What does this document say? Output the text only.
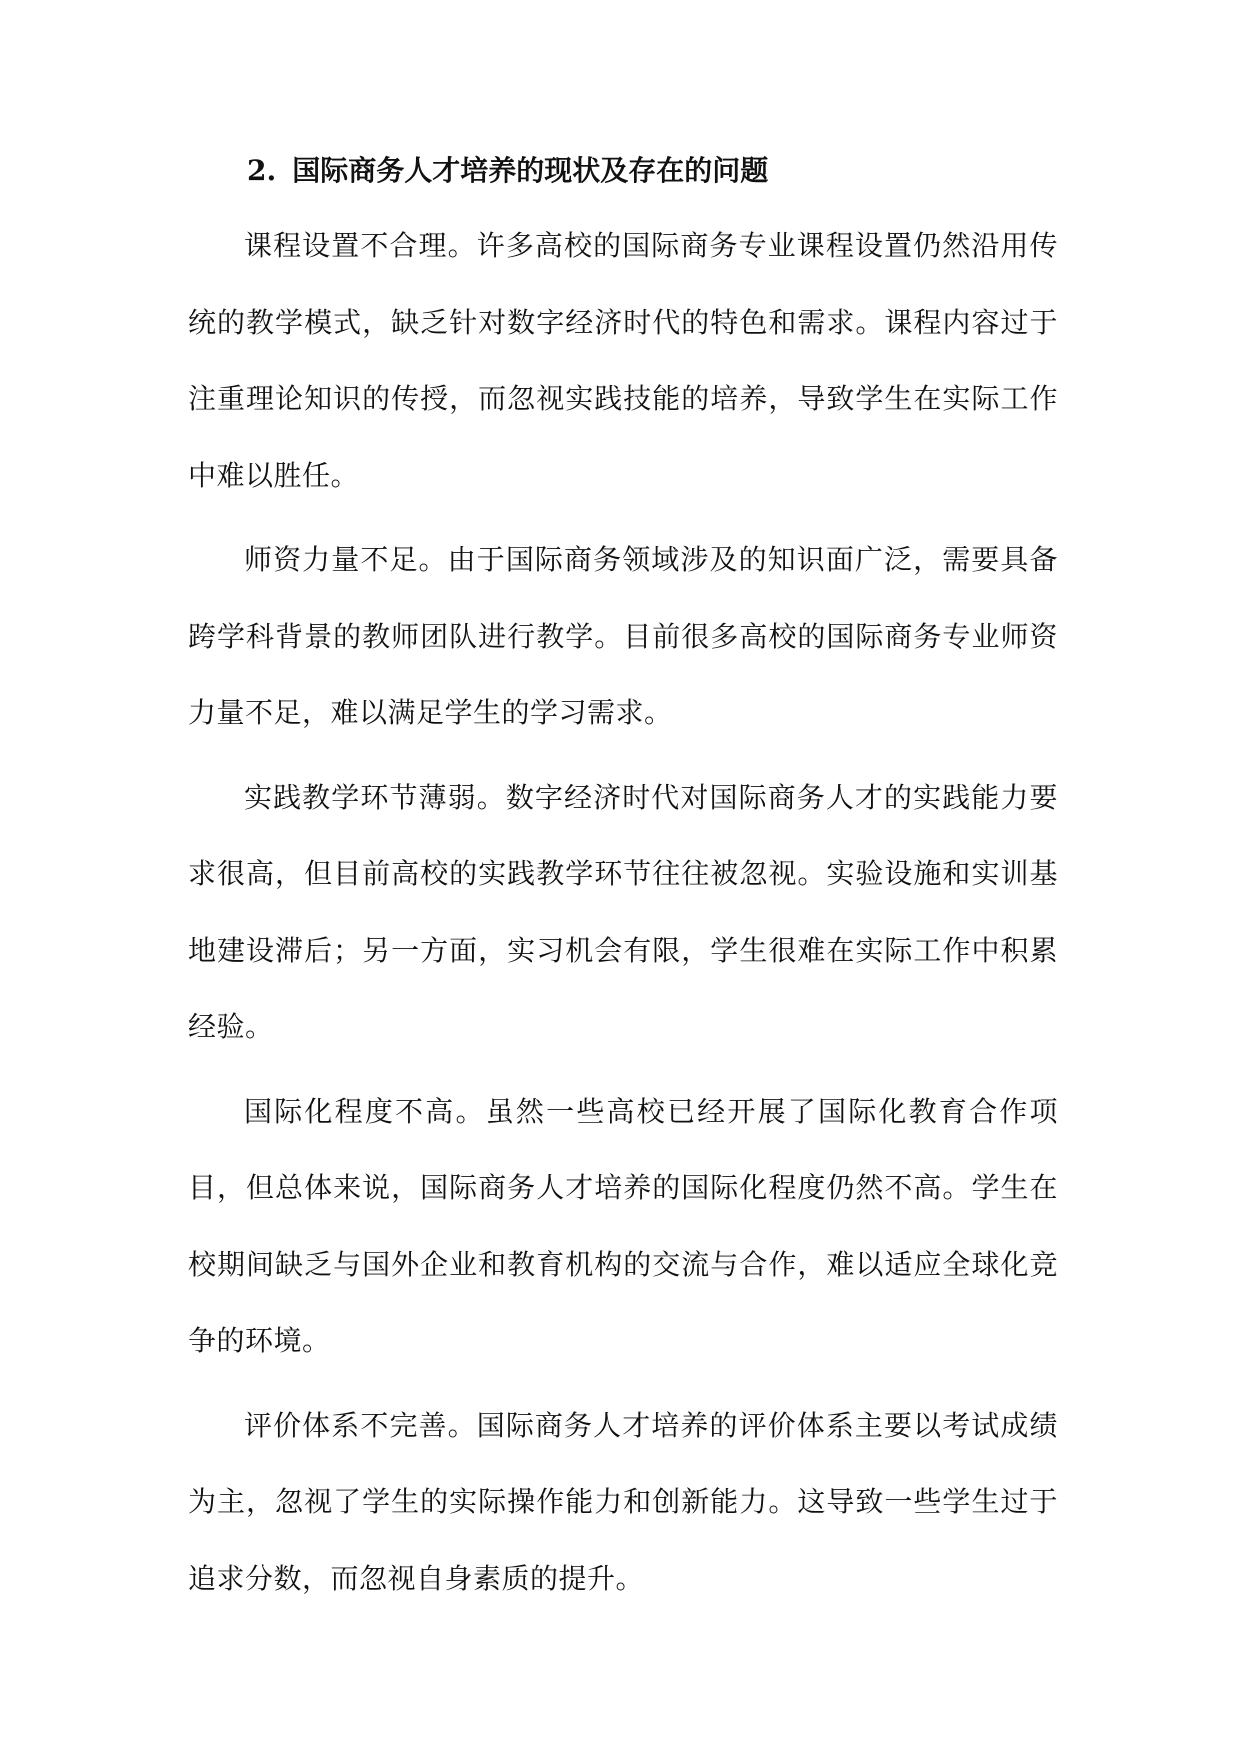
2. 国际商务人才培养的现状及存在的问题

课程设置不合理。许多高校的国际商务专业课程设置仍然沿用传统的教学模式，缺乏针对数字经济时代的特色和需求。课程内容过于注重理论知识的传授，而忽视实践技能的培养，导致学生在实际工作中难以胜任。

师资力量不足。由于国际商务领域涉及的知识面广泛，需要具备跨学科背景的教师团队进行教学。目前很多高校的国际商务专业师资力量不足，难以满足学生的学习需求。

实践教学环节薄弱。数字经济时代对国际商务人才的实践能力要求很高，但目前高校的实践教学环节往往被忽视。实验设施和实训基地建设滞后；另一方面，实习机会有限，学生很难在实际工作中积累经验。

国际化程度不高。虽然一些高校已经开展了国际化教育合作项目，但总体来说，国际商务人才培养的国际化程度仍然不高。学生在校期间缺乏与国外企业和教育机构的交流与合作，难以适应全球化竞争的环境。

评价体系不完善。国际商务人才培养的评价体系主要以考试成绩为主，忽视了学生的实际操作能力和创新能力。这导致一些学生过于追求分数，而忽视自身素质的提升。
